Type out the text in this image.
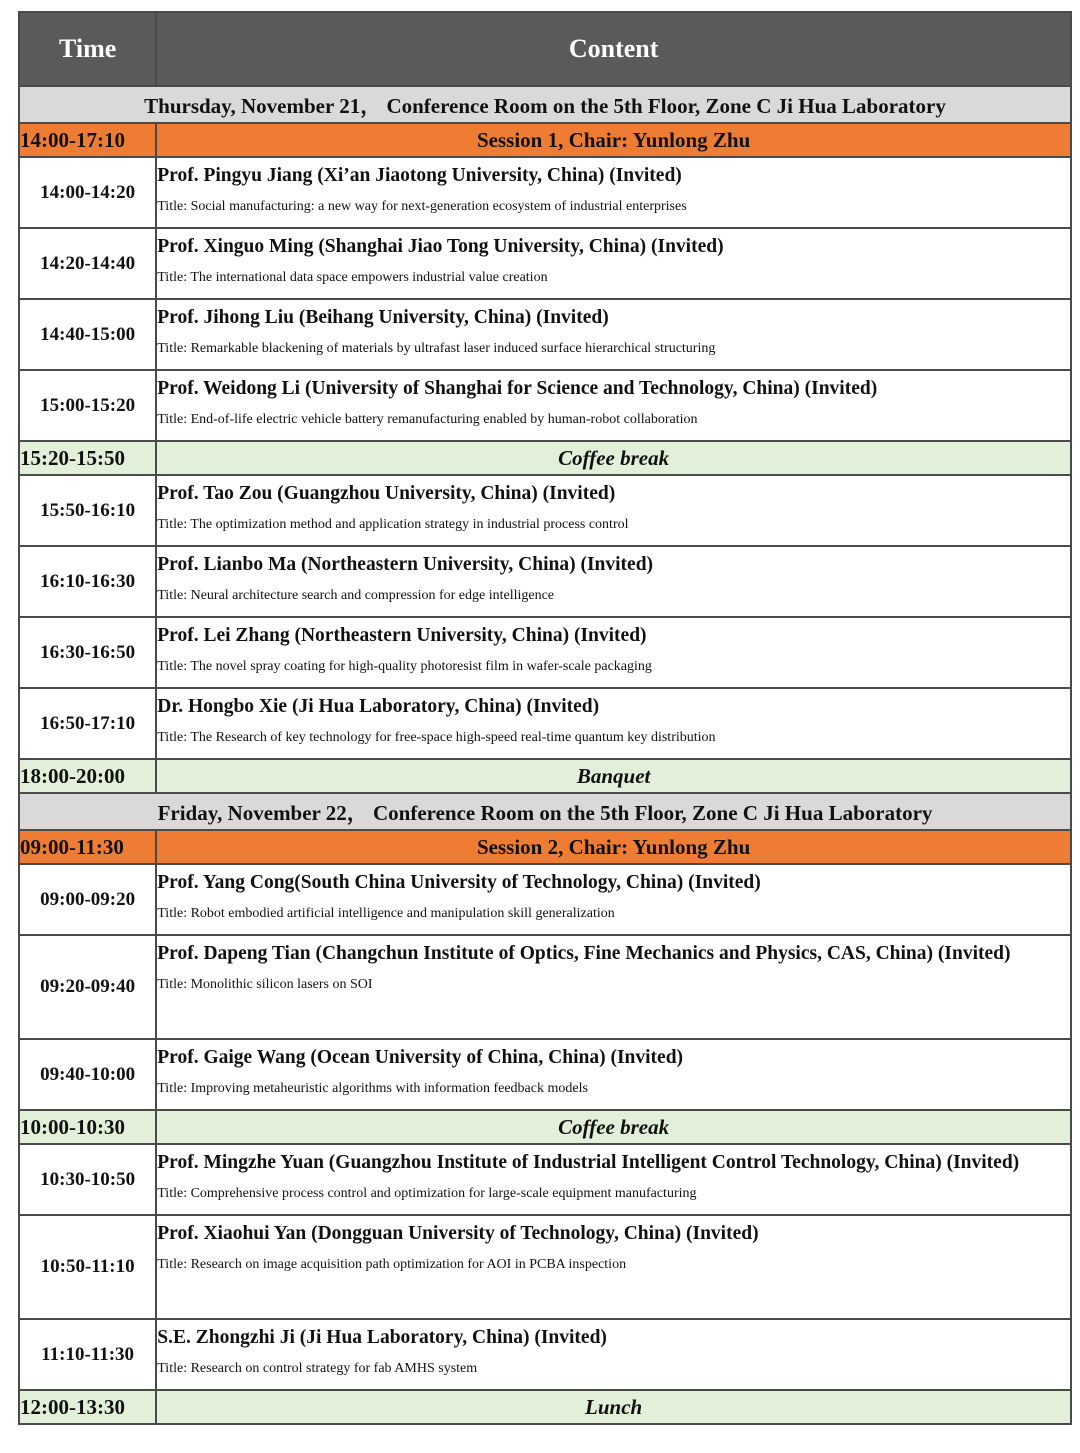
Time	Content
Thursday, November 21， Conference Room on the 5th Floor, Zone C Ji Hua Laboratory	
14:00-17:10	Session 1, Chair: Yunlong Zhu
14:00-14:20	Prof. Pingyu Jiang (Xi’an Jiaotong University, China) (Invited)
Title: Social manufacturing: a new way for next-generation ecosystem of industrial enterprises

14:20-14:40	Prof. Xinguo Ming (Shanghai Jiao Tong University, China) (Invited)
Title: The international data space empowers industrial value creation

14:40-15:00	Prof. Jihong Liu (Beihang University, China) (Invited)
Title: Remarkable blackening of materials by ultrafast laser induced surface hierarchical structuring

15:00-15:20	Prof. Weidong Li (University of Shanghai for Science and Technology, China) (Invited)
Title: End-of-life electric vehicle battery remanufacturing enabled by human-robot collaboration

15:20-15:50	Coffee break
15:50-16:10	Prof. Tao Zou (Guangzhou University, China) (Invited)
Title: The optimization method and application strategy in industrial process control

16:10-16:30	Prof. Lianbo Ma (Northeastern University, China) (Invited)
Title: Neural architecture search and compression for edge intelligence

16:30-16:50	Prof. Lei Zhang (Northeastern University, China) (Invited)
Title: The novel spray coating for high-quality photoresist film in wafer-scale packaging

16:50-17:10	Dr. Hongbo Xie (Ji Hua Laboratory, China) (Invited)
Title: The Research of key technology for free-space high-speed real-time quantum key distribution

18:00-20:00	Banquet
Friday, November 22， Conference Room on the 5th Floor, Zone C Ji Hua Laboratory	
09:00-11:30	Session 2, Chair: Yunlong Zhu
09:00-09:20	Prof. Yang Cong(South China University of Technology, China) (Invited)
Title: Robot embodied artificial intelligence and manipulation skill generalization

09:20-09:40	Prof. Dapeng Tian (Changchun Institute of Optics, Fine Mechanics and Physics, CAS, China) (Invited)
Title: Monolithic silicon lasers on SOI

09:40-10:00	Prof. Gaige Wang (Ocean University of China, China) (Invited)
Title: Improving metaheuristic algorithms with information feedback models

10:00-10:30	Coffee break
10:30-10:50	Prof. Mingzhe Yuan (Guangzhou Institute of Industrial Intelligent Control Technology, China) (Invited)
Title: Comprehensive process control and optimization for large-scale equipment manufacturing

10:50-11:10	Prof. Xiaohui Yan (Dongguan University of Technology, China) (Invited)
Title: Research on image acquisition path optimization for AOI in PCBA inspection

11:10-11:30	S.E. Zhongzhi Ji (Ji Hua Laboratory, China) (Invited)
Title: Research on control strategy for fab AMHS system

12:00-13:30	Lunch
